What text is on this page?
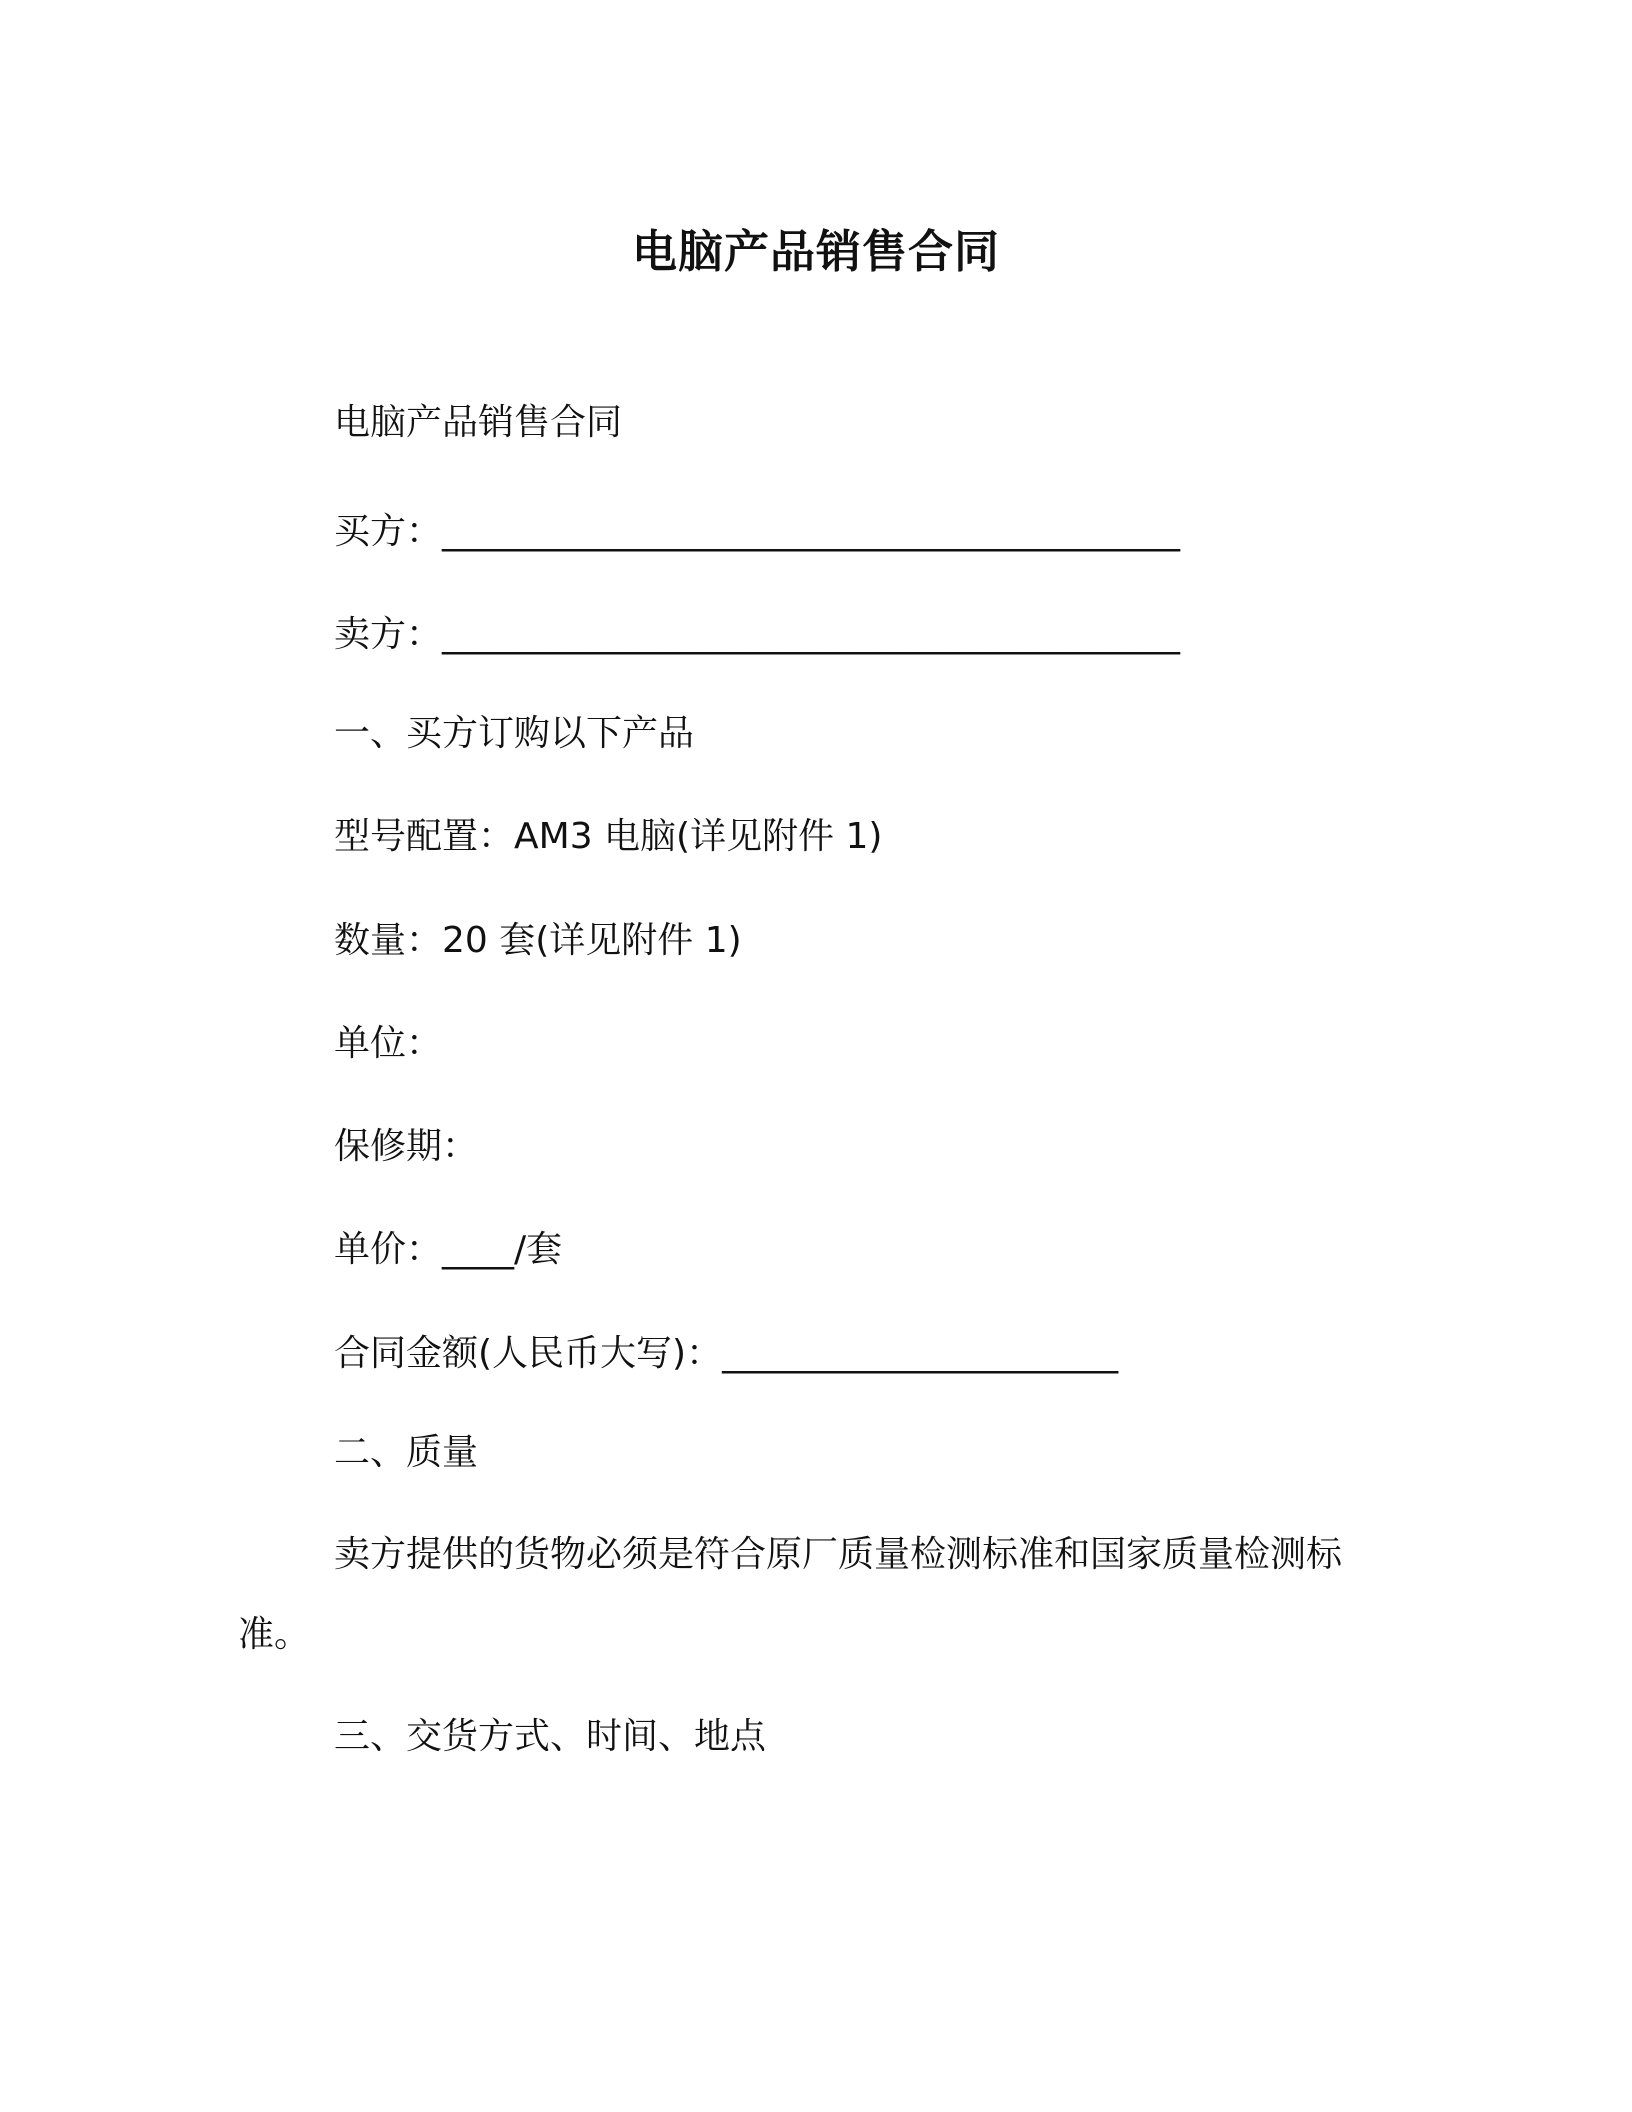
电脑产品销售合同
电脑产品销售合同
买方：_________________________________________
卖方：_________________________________________
一、买方订购以下产品
型号配置：AM3 电脑(详见附件 1)
数量：20 套(详见附件 1)
单位：
保修期：
单价：____/套
合同金额(人民币大写)：______________________
二、质量
卖方提供的货物必须是符合原厂质量检测标准和国家质量检测标准。
三、交货方式、时间、地点
